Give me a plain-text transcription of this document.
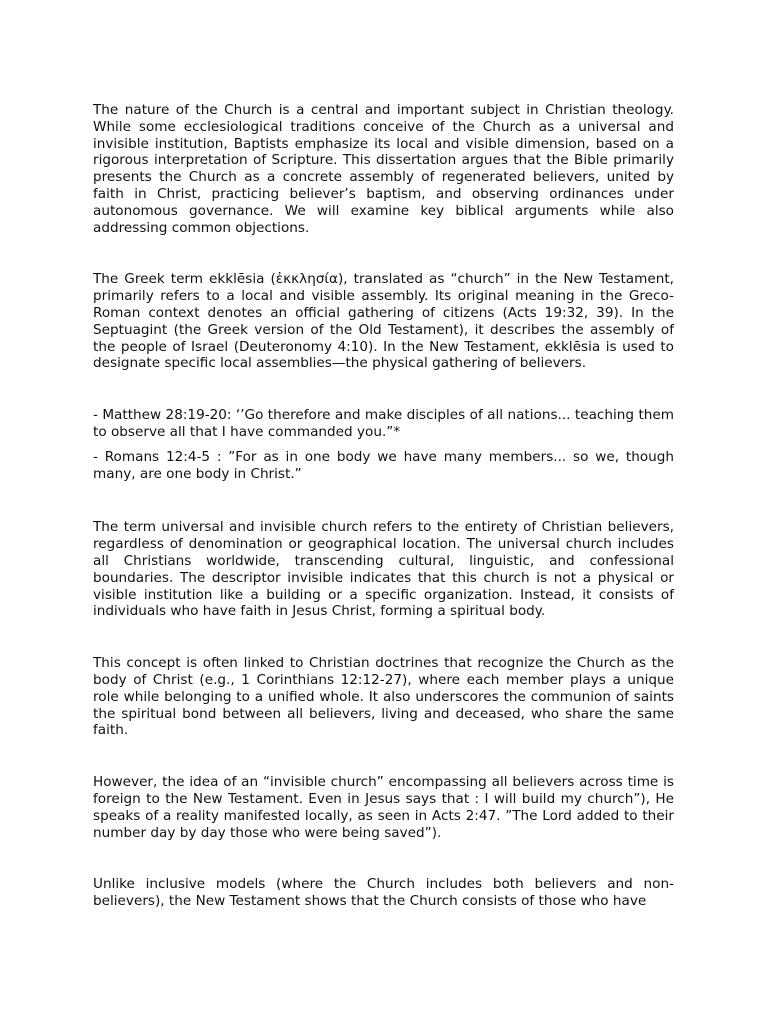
The nature of the Church is a central and important subject in Christian theology. While some ecclesiological traditions conceive of the Church as a universal and invisible institution, Baptists emphasize its local and visible dimension, based on a rigorous interpretation of Scripture. This dissertation argues that the Bible primarily presents the Church as a concrete assembly of regenerated believers, united by faith in Christ, practicing believer’s baptism, and observing ordinances under autonomous governance. We will examine key biblical arguments while also addressing common objections.

The Greek term ekklēsia (ἐκκλησία), translated as “church” in the New Testament, primarily refers to a local and visible assembly. Its original meaning in the Greco-Roman context denotes an official gathering of citizens (Acts 19:32, 39). In the Septuagint (the Greek version of the Old Testament), it describes the assembly of the people of Israel (Deuteronomy 4:10). In the New Testament, ekklēsia is used to designate specific local assemblies—the physical gathering of believers.

- Matthew 28:19-20: ‘’Go therefore and make disciples of all nations... teaching them to observe all that I have commanded you.”*

- Romans 12:4-5 : ”For as in one body we have many members... so we, though many, are one body in Christ.”

The term universal and invisible church refers to the entirety of Christian believers, regardless of denomination or geographical location. The universal church includes all Christians worldwide, transcending cultural, linguistic, and confessional boundaries. The descriptor invisible indicates that this church is not a physical or visible institution like a building or a specific organization. Instead, it consists of individuals who have faith in Jesus Christ, forming a spiritual body.

This concept is often linked to Christian doctrines that recognize the Church as the body of Christ (e.g., 1 Corinthians 12:12-27), where each member plays a unique role while belonging to a unified whole. It also underscores the communion of saints the spiritual bond between all believers, living and deceased, who share the same faith.

However, the idea of an “invisible church” encompassing all believers across time is foreign to the New Testament. Even in Jesus says that : I will build my church”), He speaks of a reality manifested locally, as seen in Acts 2:47. ”The Lord added to their number day by day those who were being saved”).

Unlike inclusive models (where the Church includes both believers and non-believers), the New Testament shows that the Church consists of those who have
